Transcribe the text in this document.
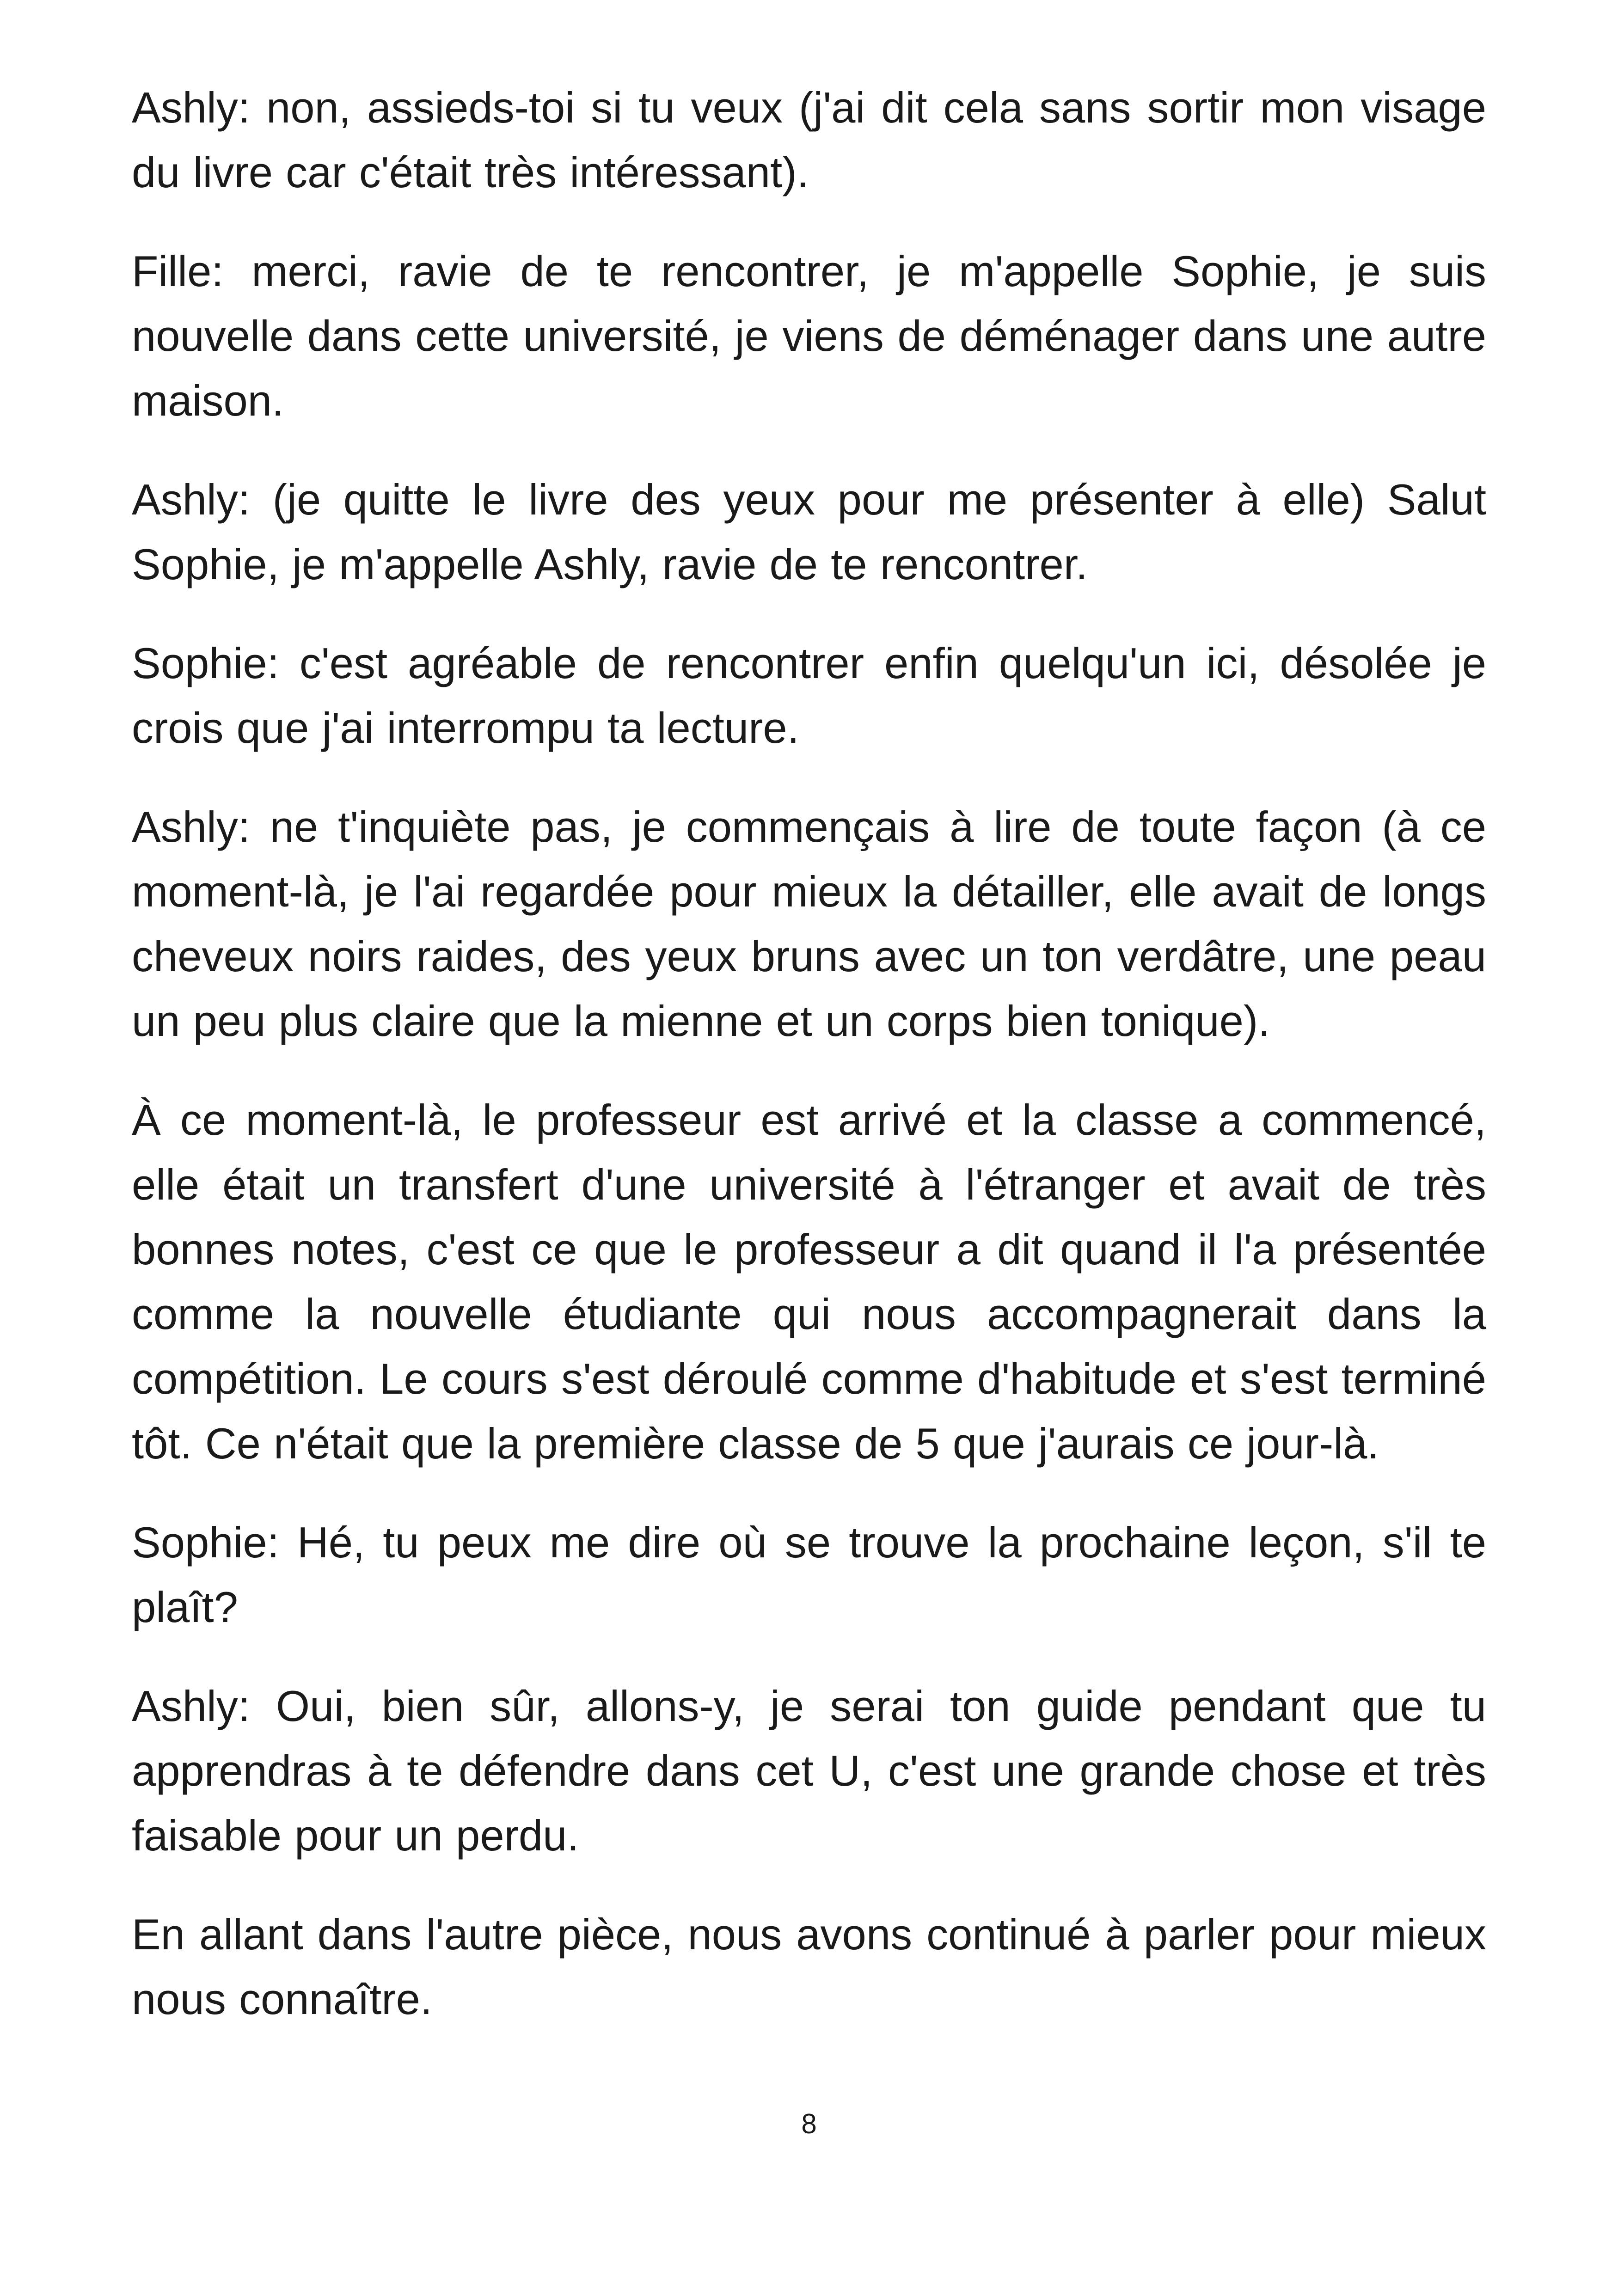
Ashly: non, assieds-toi si tu veux (j'ai dit cela sans sortir mon visage du livre car c'était très intéressant).

Fille: merci, ravie de te rencontrer, je m'appelle Sophie, je suis nouvelle dans cette université, je viens de déménager dans une autre maison.

Ashly: (je quitte le livre des yeux pour me présenter à elle) Salut Sophie, je m'appelle Ashly, ravie de te rencontrer.

Sophie: c'est agréable de rencontrer enfin quelqu'un ici, désolée je crois que j'ai interrompu ta lecture.

Ashly: ne t'inquiète pas, je commençais à lire de toute façon (à ce moment-là, je l'ai regardée pour mieux la détailler, elle avait de longs cheveux noirs raides, des yeux bruns avec un ton verdâtre, une peau un peu plus claire que la mienne et un corps bien tonique).

À ce moment-là, le professeur est arrivé et la classe a commencé, elle était un transfert d'une université à l'étranger et avait de très bonnes notes, c'est ce que le professeur a dit quand il l'a présentée comme la nouvelle étudiante qui nous accompagnerait dans la compétition. Le cours s'est déroulé comme d'habitude et s'est terminé tôt. Ce n'était que la première classe de 5 que j'aurais ce jour-là.

Sophie: Hé, tu peux me dire où se trouve la prochaine leçon, s'il te plaît?

Ashly: Oui, bien sûr, allons-y, je serai ton guide pendant que tu apprendras à te défendre dans cet U, c'est une grande chose et très faisable pour un perdu.

En allant dans l'autre pièce, nous avons continué à parler pour mieux nous connaître.

8
